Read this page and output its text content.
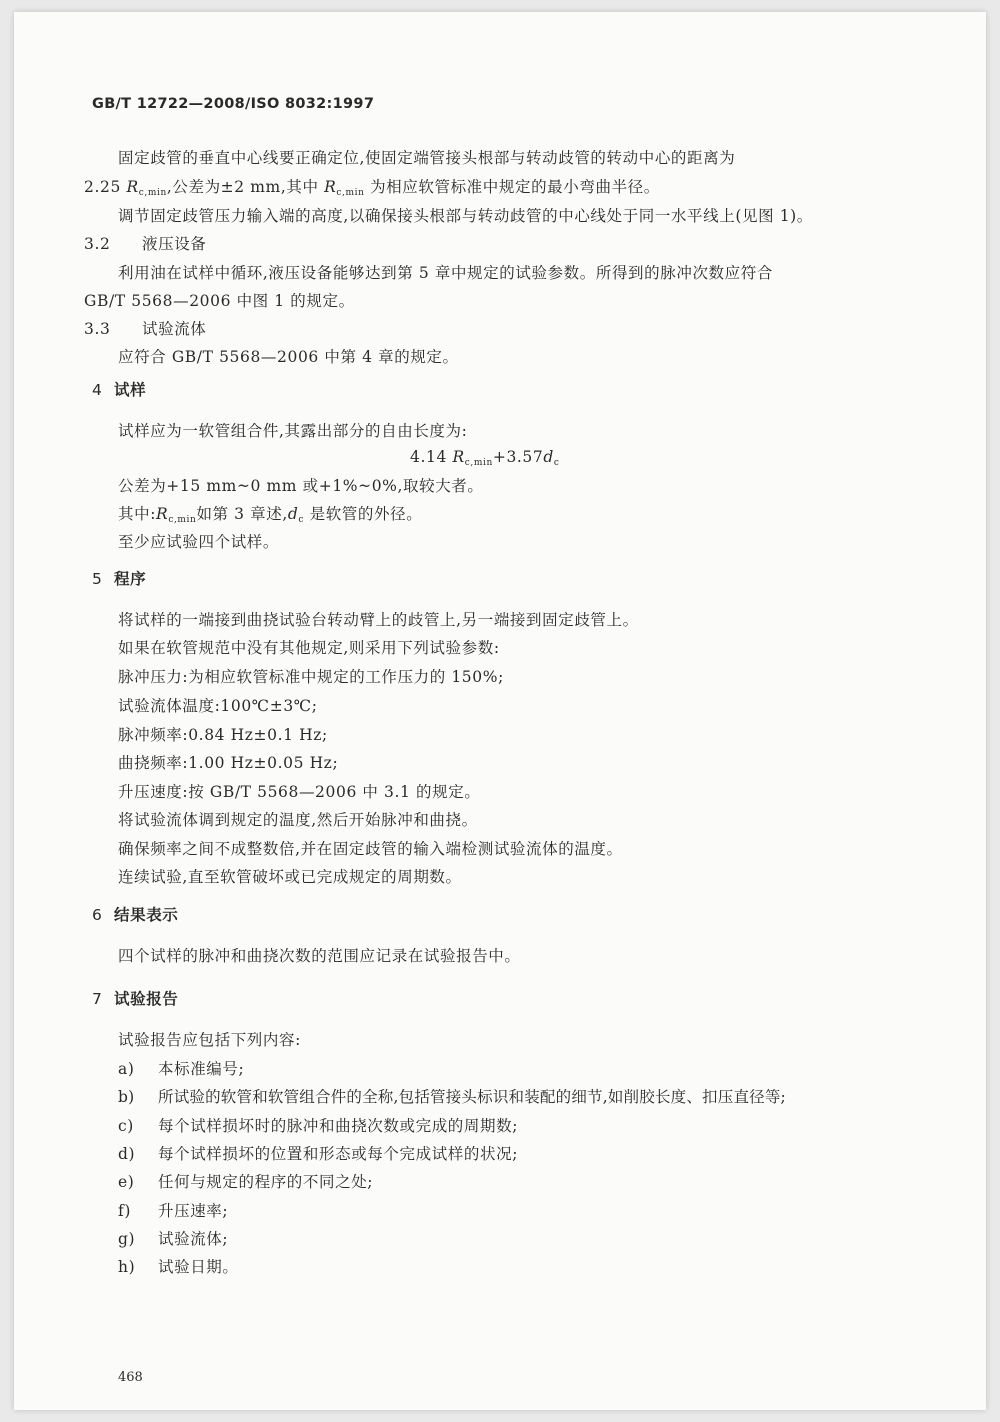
GB/T 12722—2008/ISO 8032:1997
固定歧管的垂直中心线要正确定位,使固定端管接头根部与转动歧管的转动中心的距离为
2.25 $R_{c,min}$,公差为±2 mm,其中 $R_{c,min}$ 为相应软管标准中规定的最小弯曲半径。
调节固定歧管压力输入端的高度,以确保接头根部与转动歧管的中心线处于同一水平线上(见图 1)。
3.2 液压设备
利用油在试样中循环,液压设备能够达到第 5 章中规定的试验参数。所得到的脉冲次数应符合
GB/T 5568—2006 中图 1 的规定。
3.3 试验流体
应符合 GB/T 5568—2006 中第 4 章的规定。
4 试样
试样应为一软管组合件,其露出部分的自由长度为:
4.14 $R_{c,min}+3.57d_c$
公差为+15 mm~0 mm 或+1%~0%,取较大者。
其中$:R_{c,min}$如第 3 章述$,d_c$ 是软管的外径。
至少应试验四个试样。
5 程序
将试样的一端接到曲挠试验台转动臂上的歧管上,另一端接到固定歧管上。
如果在软管规范中没有其他规定,则采用下列试验参数:
脉冲压力:为相应软管标准中规定的工作压力的 150%;
试验流体温度:100℃±3℃;
脉冲频率:0.84 Hz±0.1 Hz;
曲挠频率:1.00 Hz±0.05 Hz;
升压速度:按 GB/T 5568—2006 中 3.1 的规定。
将试验流体调到规定的温度,然后开始脉冲和曲挠。
确保频率之间不成整数倍,并在固定歧管的输入端检测试验流体的温度。
连续试验,直至软管破坏或已完成规定的周期数。
6 结果表示
四个试样的脉冲和曲挠次数的范围应记录在试验报告中。
7 试验报告
试验报告应包括下列内容:
a) 本标准编号;
b) 所试验的软管和软管组合件的全称,包括管接头标识和装配的细节,如削胶长度、扣压直径等;
c) 每个试样损坏时的脉冲和曲挠次数或完成的周期数;
d) 每个试样损坏的位置和形态或每个完成试样的状况;
e) 任何与规定的程序的不同之处;
f) 升压速率;
g) 试验流体;
h) 试验日期。
468
